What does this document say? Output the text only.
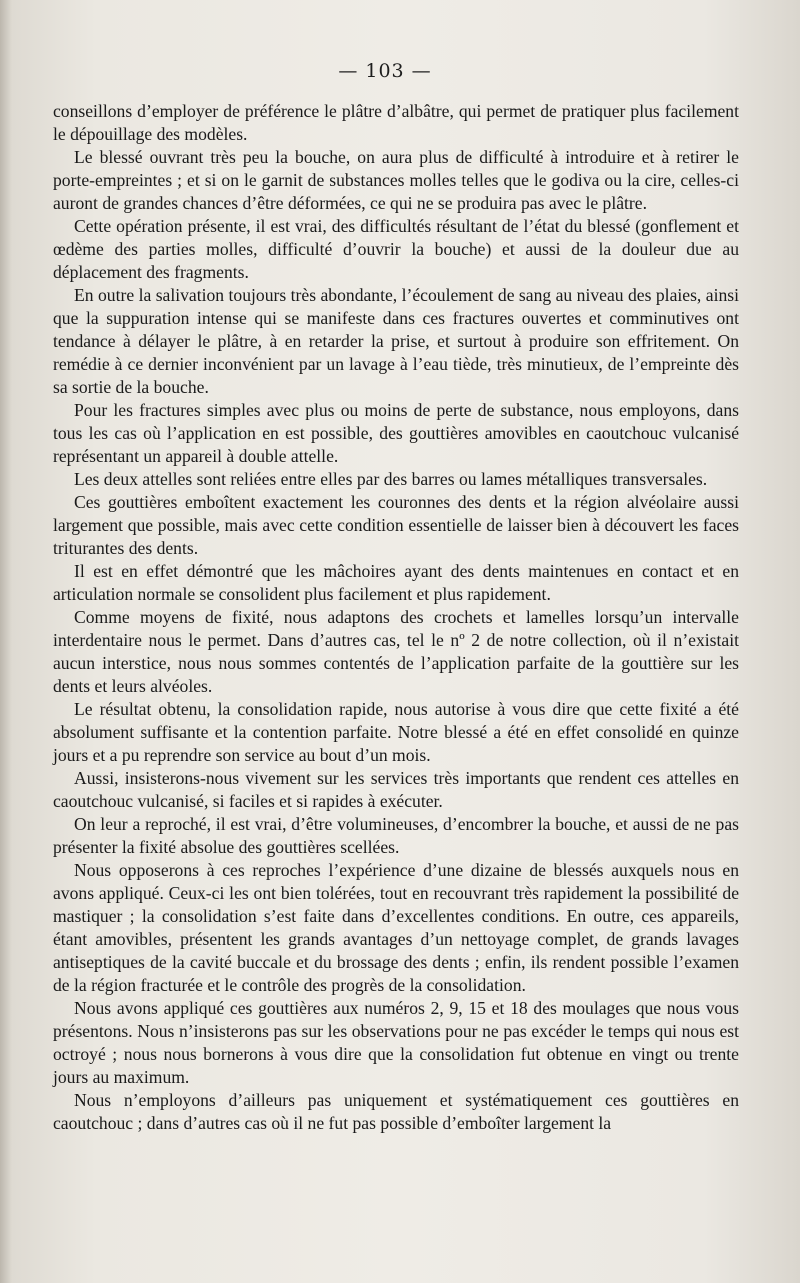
— 103 —

conseillons d’employer de préférence le plâtre d’albâtre, qui permet de pratiquer plus facilement le dépouillage des modèles.

Le blessé ouvrant très peu la bouche, on aura plus de difficulté à introduire et à retirer le porte-empreintes ; et si on le garnit de substances molles telles que le godiva ou la cire, celles-ci auront de grandes chances d’être déformées, ce qui ne se produira pas avec le plâtre.

Cette opération présente, il est vrai, des difficultés résultant de l’état du blessé (gonflement et œdème des parties molles, difficulté d’ouvrir la bouche) et aussi de la douleur due au déplacement des fragments.

En outre la salivation toujours très abondante, l’écoulement de sang au niveau des plaies, ainsi que la suppuration intense qui se manifeste dans ces fractures ouvertes et comminutives ont tendance à délayer le plâtre, à en retarder la prise, et surtout à produire son effritement. On remédie à ce dernier inconvénient par un lavage à l’eau tiède, très minutieux, de l’empreinte dès sa sortie de la bouche.

Pour les fractures simples avec plus ou moins de perte de substance, nous employons, dans tous les cas où l’application en est possible, des gouttières amovibles en caoutchouc vulcanisé représentant un appareil à double attelle.

Les deux attelles sont reliées entre elles par des barres ou lames métalliques transversales.

Ces gouttières emboîtent exactement les couronnes des dents et la région alvéolaire aussi largement que possible, mais avec cette condition essentielle de laisser bien à découvert les faces triturantes des dents.

Il est en effet démontré que les mâchoires ayant des dents maintenues en contact et en articulation normale se consolident plus facilement et plus rapidement.

Comme moyens de fixité, nous adaptons des crochets et lamelles lorsqu’un intervalle interdentaire nous le permet. Dans d’autres cas, tel le nº 2 de notre collection, où il n’existait aucun interstice, nous nous sommes contentés de l’application parfaite de la gouttière sur les dents et leurs alvéoles.

Le résultat obtenu, la consolidation rapide, nous autorise à vous dire que cette fixité a été absolument suffisante et la contention parfaite. Notre blessé a été en effet consolidé en quinze jours et a pu reprendre son service au bout d’un mois.

Aussi, insisterons-nous vivement sur les services très importants que rendent ces attelles en caoutchouc vulcanisé, si faciles et si rapides à exécuter.

On leur a reproché, il est vrai, d’être volumineuses, d’encombrer la bouche, et aussi de ne pas présenter la fixité absolue des gouttières scellées.

Nous opposerons à ces reproches l’expérience d’une dizaine de blessés auxquels nous en avons appliqué. Ceux-ci les ont bien tolérées, tout en recouvrant très rapidement la possibilité de mastiquer ; la consolidation s’est faite dans d’excellentes conditions. En outre, ces appareils, étant amovibles, présentent les grands avantages d’un nettoyage complet, de grands lavages antiseptiques de la cavité buccale et du brossage des dents ; enfin, ils rendent possible l’examen de la région fracturée et le contrôle des progrès de la consolidation.

Nous avons appliqué ces gouttières aux numéros 2, 9, 15 et 18 des moulages que nous vous présentons. Nous n’insisterons pas sur les observations pour ne pas excéder le temps qui nous est octroyé ; nous nous bornerons à vous dire que la consolidation fut obtenue en vingt ou trente jours au maximum.

Nous n’employons d’ailleurs pas uniquement et systématiquement ces gouttières en caoutchouc ; dans d’autres cas où il ne fut pas possible d’emboîter largement la
